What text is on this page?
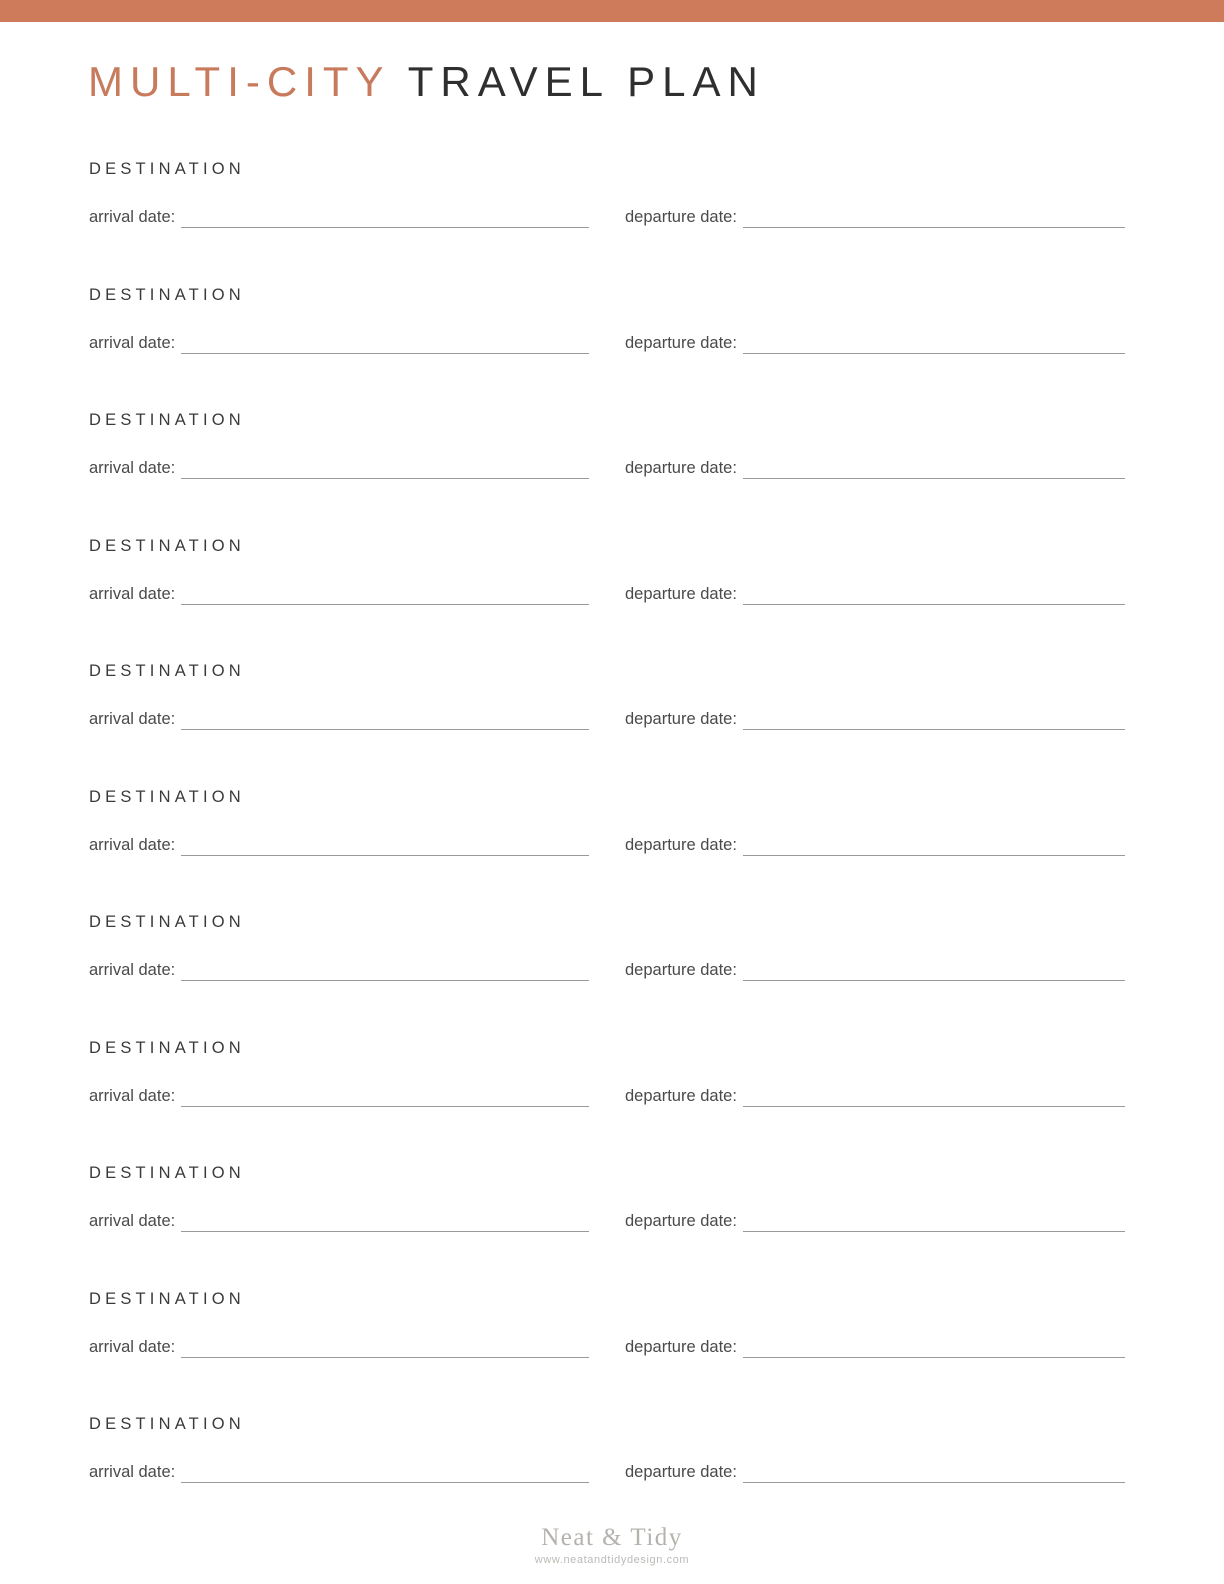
MULTI-CITY TRAVEL PLAN
DESTINATION
arrival date:	departure date:
DESTINATION
arrival date:	departure date:
DESTINATION
arrival date:	departure date:
DESTINATION
arrival date:	departure date:
DESTINATION
arrival date:	departure date:
DESTINATION
arrival date:	departure date:
DESTINATION
arrival date:	departure date:
DESTINATION
arrival date:	departure date:
DESTINATION
arrival date:	departure date:
DESTINATION
arrival date:	departure date:
DESTINATION
arrival date:	departure date:
Neat & Tidy
www.neatandtidydesign.com
